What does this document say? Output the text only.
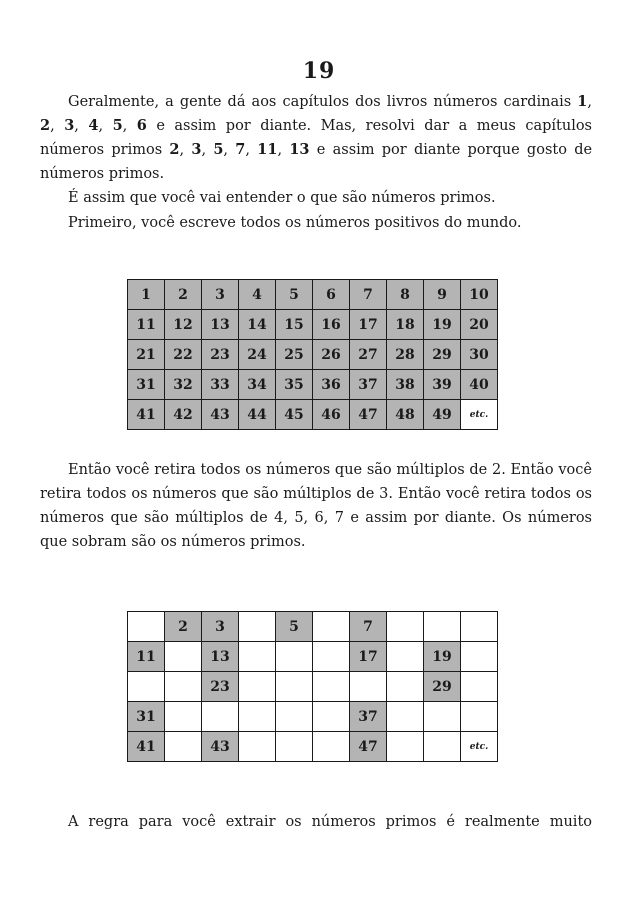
19

Geralmente, a gente dá aos capítulos dos livros números cardinais 1, 2, 3, 4, 5, 6 e assim por diante. Mas, resolvi dar a meus capítulos números primos 2, 3, 5, 7, 11, 13 e assim por diante porque gosto de números primos.

É assim que você vai entender o que são números primos.

Primeiro, você escreve todos os números positivos do mundo.

1	2	3	4	5	6	7	8	9	10
11	12	13	14	15	16	17	18	19	20
21	22	23	24	25	26	27	28	29	30
31	32	33	34	35	36	37	38	39	40
41	42	43	44	45	46	47	48	49	etc.

Então você retira todos os números que são múltiplos de 2. Então você retira todos os números que são múltiplos de 3. Então você retira todos os números que são múltiplos de 4, 5, 6, 7 e assim por diante. Os números que sobram são os números primos.

	2	3		5		7			
11		13				17		19	
		23						29	
31						37			
41		43				47			etc.

A regra para você extrair os números primos é realmente muito
